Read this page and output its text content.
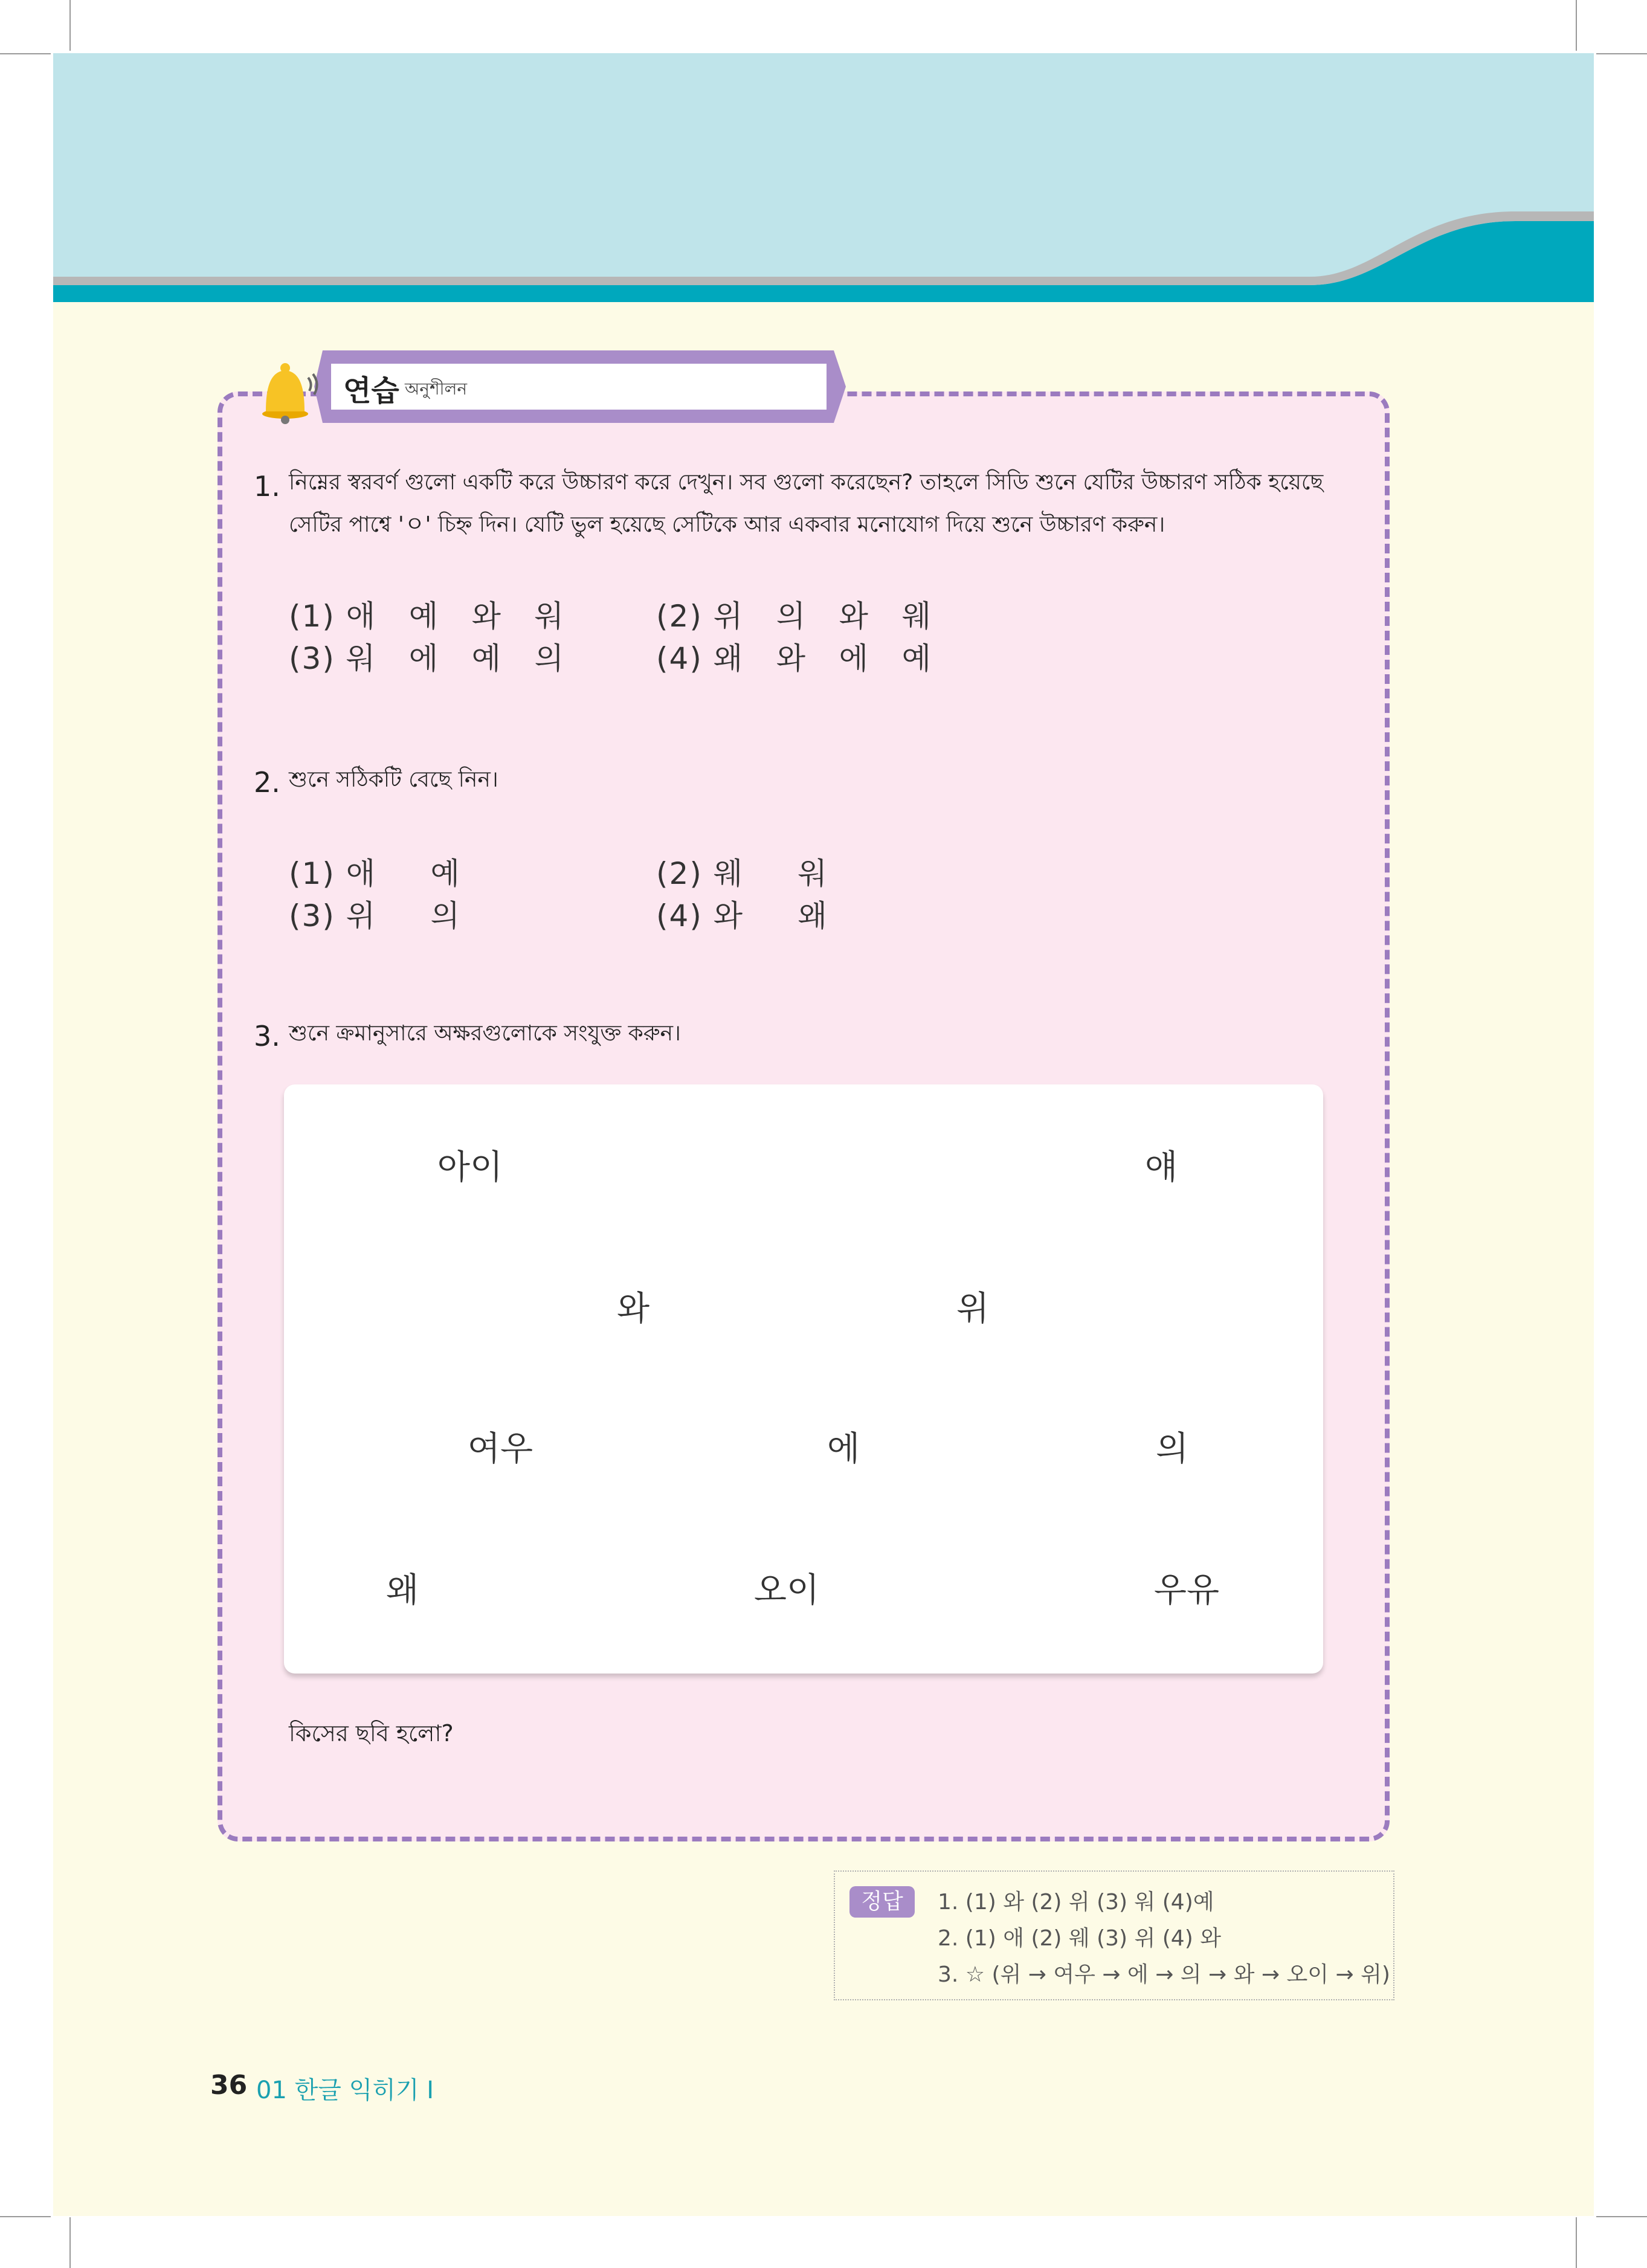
연습 অনুশীলন
1. নিম্নের স্বরবর্ণ গুলো একটি করে উচ্চারণ করে দেখুন। সব গুলো করেছেন? তাহলে সিডি শুনে যেটির উচ্চারণ সঠিক হয়েছে
সেটির পাশ্বে 'ㅇ' চিহ্ন দিন। যেটি ভুল হয়েছে সেটিকে আর একবার মনোযোগ দিয়ে শুনে উচ্চারণ করুন।
(1) 애   예   와   워	(2) 위   의   와   웨
(3) 워   에   예   의	(4) 왜   와   에   예
2. শুনে সঠিকটি বেছে নিন।
(1) 애     예	(2) 웨     워
(3) 위     의	(4) 와     왜
3. শুনে ক্রমানুসারে অক্ষরগুলোকে সংযুক্ত করুন।
아이	얘
와	위
여우	에	의
왜	오이	우유
কিসের ছবি হলো?
정답	1. (1) 와 (2) 위 (3) 워 (4)예
2. (1) 애 (2) 웨 (3) 위 (4) 와
3. ☆ (위 → 여우 → 에 → 의 → 와 → 오이 → 위)
36 01 한글 익히기 I
